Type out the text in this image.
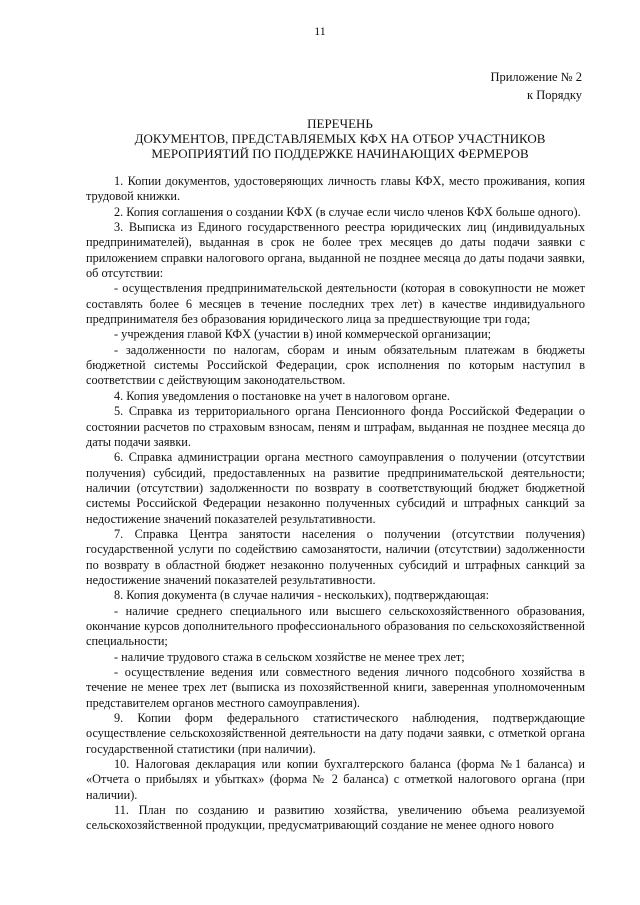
11
Приложение № 2
к Порядку
ПЕРЕЧЕНЬ
ДОКУМЕНТОВ, ПРЕДСТАВЛЯЕМЫХ КФХ НА ОТБОР УЧАСТНИКОВ
МЕРОПРИЯТИЙ ПО ПОДДЕРЖКЕ НАЧИНАЮЩИХ ФЕРМЕРОВ

1. Копии документов, удостоверяющих личность главы КФХ, место проживания, копия трудовой книжки.

2. Копия соглашения о создании КФХ (в случае если число членов КФХ больше одного).

3. Выписка из Единого государственного реестра юридических лиц (индивидуальных предпринимателей), выданная в срок не более трех месяцев до даты подачи заявки с приложением справки налогового органа, выданной не позднее месяца до даты подачи заявки, об отсутствии:

- осуществления предпринимательской деятельности (которая в совокупности не может составлять более 6 месяцев в течение последних трех лет) в качестве индивидуального предпринимателя без образования юридического лица за предшествующие три года;

- учреждения главой КФХ (участии в) иной коммерческой организации;

- задолженности по налогам, сборам и иным обязательным платежам в бюджеты бюджетной системы Российской Федерации, срок исполнения по которым наступил в соответствии с действующим законодательством.

4. Копия уведомления о постановке на учет в налоговом органе.

5. Справка из территориального органа Пенсионного фонда Российской Федерации о состоянии расчетов по страховым взносам, пеням и штрафам, выданная не позднее месяца до даты подачи заявки.

6. Справка администрации органа местного самоуправления о получении (отсутствии получения) субсидий, предоставленных на развитие предпринимательской деятельности; наличии (отсутствии) задолженности по возврату в соответствующий бюджет бюджетной системы Российской Федерации незаконно полученных субсидий и штрафных санкций за недостижение значений показателей результативности.

7. Справка Центра занятости населения о получении (отсутствии получения) государственной услуги по содействию самозанятости, наличии (отсутствии) задолженности по возврату в областной бюджет незаконно полученных субсидий и штрафных санкций за недостижение значений показателей результативности.

8. Копия документа (в случае наличия - нескольких), подтверждающая:

- наличие среднего специального или высшего сельскохозяйственного образования, окончание курсов дополнительного профессионального образования по сельскохозяйственной специальности;

- наличие трудового стажа в сельском хозяйстве не менее трех лет;

- осуществление ведения или совместного ведения личного подсобного хозяйства в течение не менее трех лет (выписка из похозяйственной книги, заверенная уполномоченным представителем органов местного самоуправления).

9. Копии форм федерального статистического наблюдения, подтверждающие осуществление сельскохозяйственной деятельности на дату подачи заявки, с отметкой органа государственной статистики (при наличии).

10. Налоговая декларация или копии бухгалтерского баланса (форма №1 баланса) и «Отчета о прибылях и убытках» (форма № 2 баланса) с отметкой налогового органа (при наличии).

11. План по созданию и развитию хозяйства, увеличению объема реализуемой сельскохозяйственной продукции, предусматривающий создание не менее одного нового
